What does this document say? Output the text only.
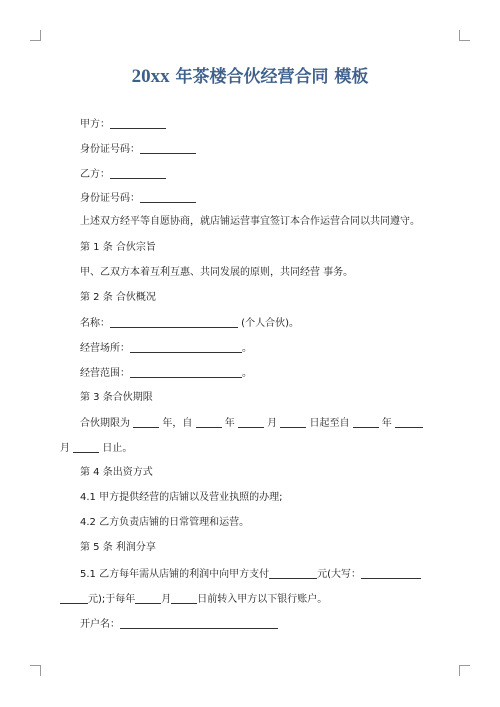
20xx 年茶楼合伙经营合同 模板
甲方：
身份证号码：
乙方：
身份证号码：
上述双方经平等自愿协商，就店铺运营事宜签订本合作运营合同以共同遵守。
第 1 条 合伙宗旨
甲、乙双方本着互利互惠、共同发展的原则，共同经营 事务。
第 2 条 合伙概况
名称：	(个人合伙)。
经营场所：	。
经营范围：	。
第 3 条合伙期限
合伙期限为	年，自	年	月	日起至自	年
月	日止。
第 4 条出资方式
4.1 甲方提供经营的店铺以及营业执照的办理;
4.2 乙方负责店铺的日常管理和运营。
第 5 条 利润分享
5.1 乙方每年需从店铺的利润中向甲方支付	元(大写：
元);于每年	月	日前转入甲方以下银行账户。
开户名：
